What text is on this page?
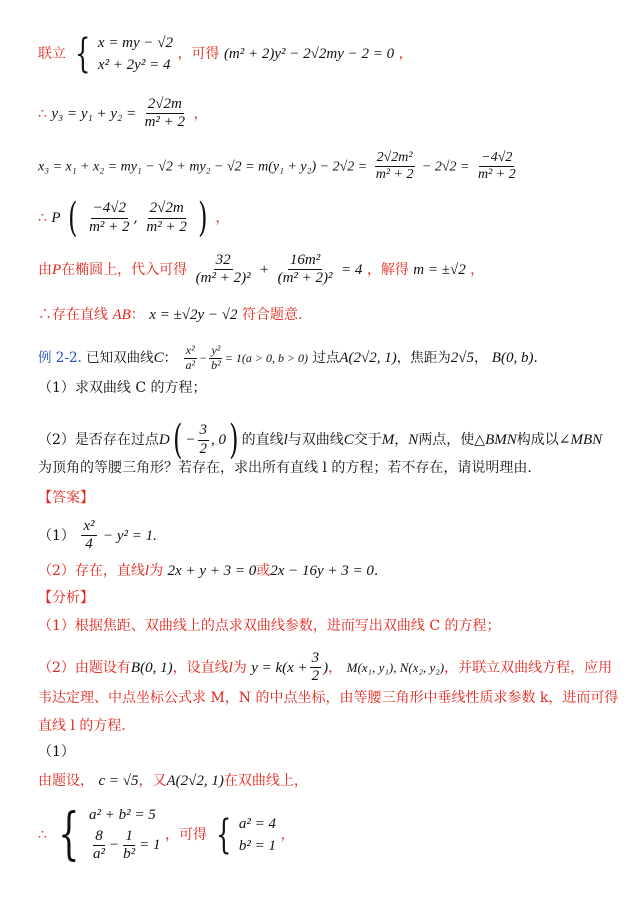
联立 { x = my − √2
x² + 2y² = 4
，可得 (m² + 2)y² − 2√2my − 2 = 0 ，
∴ $y_3 = y_1 + y_2 = \frac{2√2m}{\text{m² + 2}}$ ，
$x_3 = x_1 + x_2 = my_1 - √2 + my_2 - √2 = m(y_1 + y_2) - 2√2 = \frac{\text{2√2m²}}{\text{m² + 2}} - 2√2 = \frac{-4√2}{\text{m² + 2}}$
∴ P ( $\frac{-4√2}{\text{m² + 2}}$ , $\frac{2√2m}{\text{m² + 2}}$ ) ，
由P在椭圆上，代入可得 $\frac{32}{\text{(m² + 2)²}} + \frac{\text{16m²}}{\text{(m² + 2)²}} = 4$ ，解得 m = ±√2 ，
∴存在直线 AB： x = ±√2y − √2 符合题意.
例 2-2. 已知双曲线C： $\frac{\text{x²}}{\text{a²}} - \frac{\text{y²}}{\text{b²}} = 1(a > 0$, b > 0) 过点A(2√2, 1)，焦距为2√5， B(0, b).
（1）求双曲线 C 的方程；
（2）是否存在过点$D( - \frac{3}{2}$ , 0) 的直线l与双曲线C交于M，N两点，使△BMN构成以∠MBN
为顶角的等腰三角形？若存在，求出所有直线 l 的方程；若不存在，请说明理由.
【答案】
$(1) \frac{\text{x²}}{4} - y^2 = 1$.
（2）存在，直线l为 2x + y + 3 = 0或2x − 16y + 3 = 0.
【分析】
（1）根据焦距、双曲线上的点求双曲线参数，进而写出双曲线 C 的方程；
（2）由题设有B(0, 1)，设直线l为 $y = k(x + \frac{3}{2}$ )， M(x₁, y₁), N(x₂, y₂)，并联立双曲线方程，应用
韦达定理、中点坐标公式求 M，N 的中点坐标，由等腰三角形中垂线性质求参数 k，进而可得
直线 l 的方程.
（1）
由题设， c = √5，又A(2√2, 1)在双曲线上，
∴ { a² + b² = 5
$\frac{8}{\text{a²}} - \frac{1}{\text{b²}} = 1$
，可得 { a² = 4
b² = 1
，
